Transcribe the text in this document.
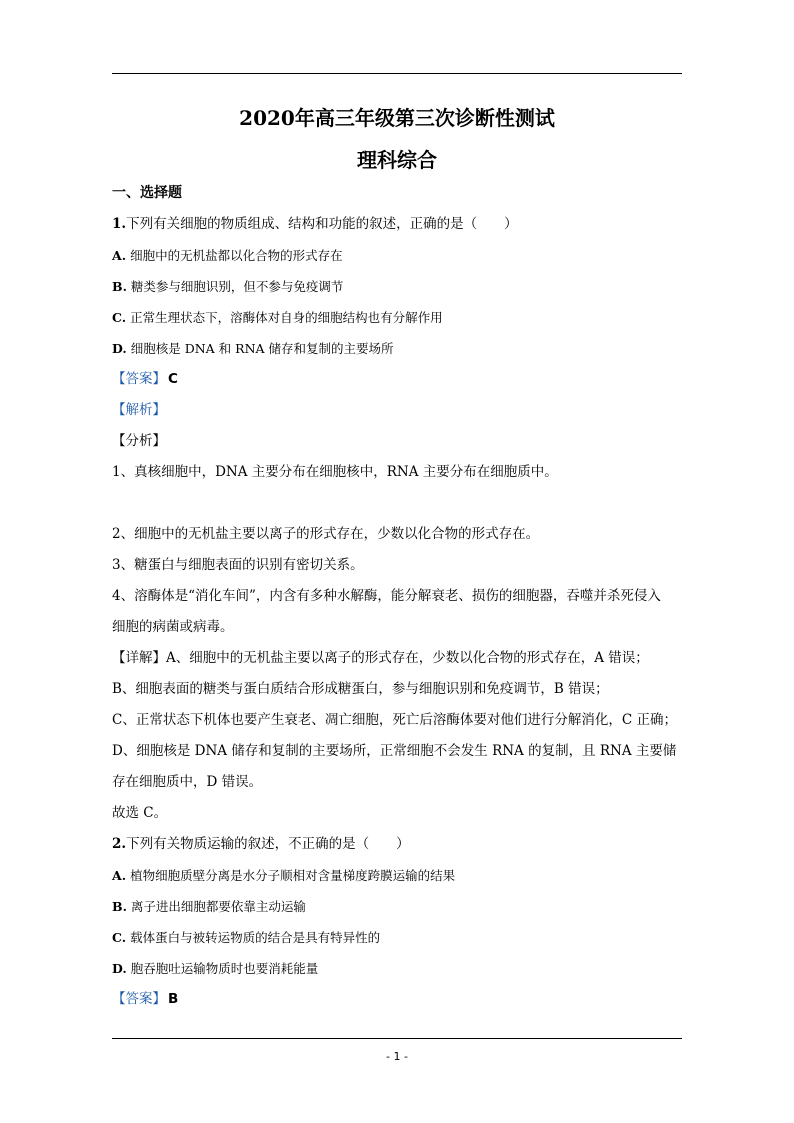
2020年高三年级第三次诊断性测试
理科综合
一、选择题
1.下列有关细胞的物质组成、结构和功能的叙述，正确的是（　　）
A. 细胞中的无机盐都以化合物的形式存在
B. 糖类参与细胞识别，但不参与免疫调节
C. 正常生理状态下，溶酶体对自身的细胞结构也有分解作用
D. 细胞核是 DNA 和 RNA 储存和复制的主要场所
【答案】 C
【解析】
【分析】
1、真核细胞中，DNA 主要分布在细胞核中，RNA 主要分布在细胞质中。
2、细胞中的无机盐主要以离子的形式存在，少数以化合物的形式存在。
3、糖蛋白与细胞表面的识别有密切关系。
4、溶酶体是“消化车间”，内含有多种水解酶，能分解衰老、损伤的细胞器，吞噬并杀死侵入
细胞的病菌或病毒。
【详解】A、细胞中的无机盐主要以离子的形式存在，少数以化合物的形式存在，A 错误；
B、细胞表面的糖类与蛋白质结合形成糖蛋白，参与细胞识别和免疫调节，B 错误；
C、正常状态下机体也要产生衰老、凋亡细胞，死亡后溶酶体要对他们进行分解消化，C 正确；
D、细胞核是 DNA 储存和复制的主要场所，正常细胞不会发生 RNA 的复制，且 RNA 主要储
存在细胞质中，D 错误。
故选 C。
2.下列有关物质运输的叙述，不正确的是（　　）
A. 植物细胞质壁分离是水分子顺相对含量梯度跨膜运输的结果
B. 离子进出细胞都要依靠主动运输
C. 载体蛋白与被转运物质的结合是具有特异性的
D. 胞吞胞吐运输物质时也要消耗能量
【答案】 B
- 1 -
